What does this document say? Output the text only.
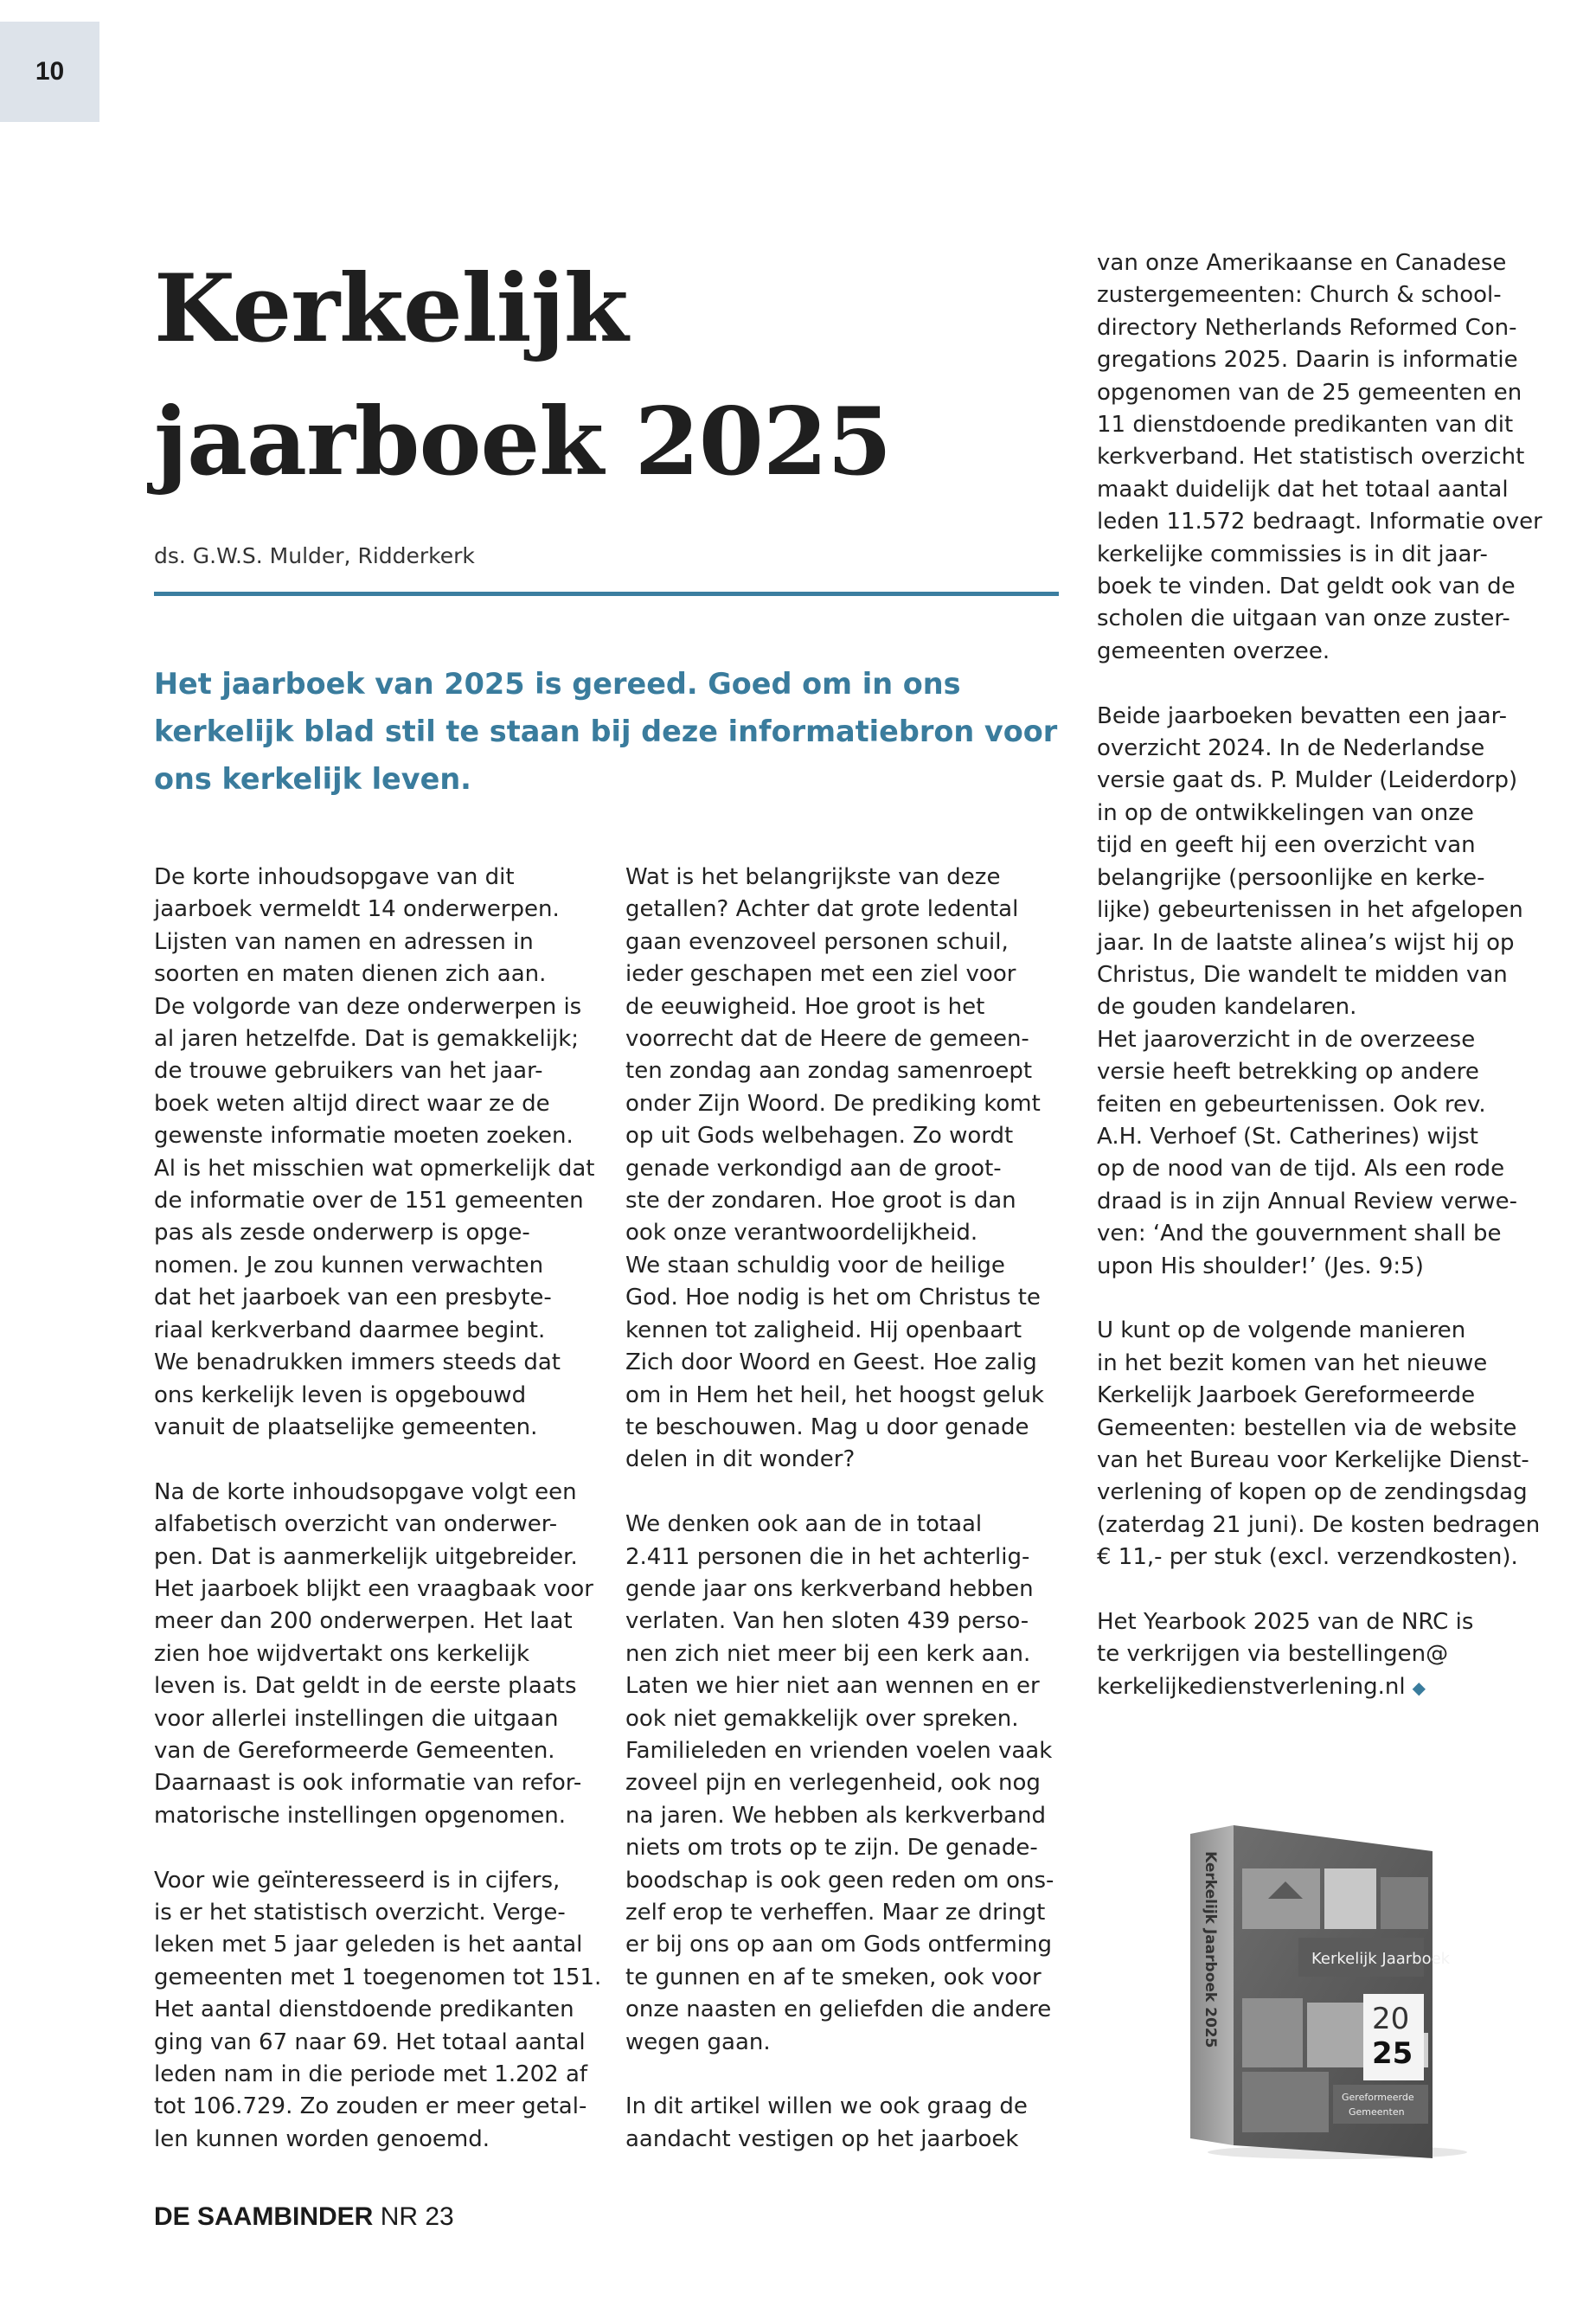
10
Kerkelijk
jaarboek 2025
ds. G.W.S. Mulder, Ridderkerk

Het jaarboek van 2025 is gereed. Goed om in ons kerkelijk blad stil te staan bij deze informatiebron voor ons kerkelijk leven.

De korte inhoudsopgave van dit
jaarboek vermeldt 14 onderwerpen.
Lijsten van namen en adressen in
soorten en maten dienen zich aan.
De volgorde van deze onderwerpen is
al jaren hetzelfde. Dat is gemakkelijk;
de trouwe gebruikers van het jaar-
boek weten altijd direct waar ze de
gewenste informatie moeten zoeken.
Al is het misschien wat opmerkelijk dat
de informatie over de 151 gemeenten
pas als zesde onderwerp is opge-
nomen. Je zou kunnen verwachten
dat het jaarboek van een presbyte-
riaal kerkverband daarmee begint.
We benadrukken immers steeds dat
ons kerkelijk leven is opgebouwd
vanuit de plaatselijke gemeenten.

Na de korte inhoudsopgave volgt een
alfabetisch overzicht van onderwer-
pen. Dat is aanmerkelijk uitgebreider.
Het jaarboek blijkt een vraagbaak voor
meer dan 200 onderwerpen. Het laat
zien hoe wijdvertakt ons kerkelijk
leven is. Dat geldt in de eerste plaats
voor allerlei instellingen die uitgaan
van de Gereformeerde Gemeenten.
Daarnaast is ook informatie van refor-
matorische instellingen opgenomen.

Voor wie geïnteresseerd is in cijfers,
is er het statistisch overzicht. Verge-
leken met 5 jaar geleden is het aantal
gemeenten met 1 toegenomen tot 151.
Het aantal dienstdoende predikanten
ging van 67 naar 69. Het totaal aantal
leden nam in die periode met 1.202 af
tot 106.729. Zo zouden er meer getal-
len kunnen worden genoemd.

Wat is het belangrijkste van deze
getallen? Achter dat grote ledental
gaan evenzoveel personen schuil,
ieder geschapen met een ziel voor
de eeuwigheid. Hoe groot is het
voorrecht dat de Heere de gemeen-
ten zondag aan zondag samenroept
onder Zijn Woord. De prediking komt
op uit Gods welbehagen. Zo wordt
genade verkondigd aan de groot-
ste der zondaren. Hoe groot is dan
ook onze verantwoordelijkheid.
We staan schuldig voor de heilige
God. Hoe nodig is het om Christus te
kennen tot zaligheid. Hij openbaart
Zich door Woord en Geest. Hoe zalig
om in Hem het heil, het hoogst geluk
te beschouwen. Mag u door genade
delen in dit wonder?

We denken ook aan de in totaal
2.411 personen die in het achterlig-
gende jaar ons kerkverband hebben
verlaten. Van hen sloten 439 perso-
nen zich niet meer bij een kerk aan.
Laten we hier niet aan wennen en er
ook niet gemakkelijk over spreken.
Familieleden en vrienden voelen vaak
zoveel pijn en verlegenheid, ook nog
na jaren. We hebben als kerkverband
niets om trots op te zijn. De genade-
boodschap is ook geen reden om ons-
zelf erop te verheffen. Maar ze dringt
er bij ons op aan om Gods ontferming
te gunnen en af te smeken, ook voor
onze naasten en geliefden die andere
wegen gaan.

In dit artikel willen we ook graag de
aandacht vestigen op het jaarboek

van onze Amerikaanse en Canadese
zustergemeenten: Church & school-
directory Netherlands Reformed Con-
gregations 2025. Daarin is informatie
opgenomen van de 25 gemeenten en
11 dienstdoende predikanten van dit
kerkverband. Het statistisch overzicht
maakt duidelijk dat het totaal aantal
leden 11.572 bedraagt. Informatie over
kerkelijke commissies is in dit jaar-
boek te vinden. Dat geldt ook van de
scholen die uitgaan van onze zuster-
gemeenten overzee.

Beide jaarboeken bevatten een jaar-
overzicht 2024. In de Nederlandse
versie gaat ds. P. Mulder (Leiderdorp)
in op de ontwikkelingen van onze
tijd en geeft hij een overzicht van
belangrijke (persoonlijke en kerke-
lijke) gebeurtenissen in het afgelopen
jaar. In de laatste alinea’s wijst hij op
Christus, Die wandelt te midden van
de gouden kandelaren.
Het jaaroverzicht in de overzeese
versie heeft betrekking op andere
feiten en gebeurtenissen. Ook rev.
A.H. Verhoef (St. Catherines) wijst
op de nood van de tijd. Als een rode
draad is in zijn Annual Review verwe-
ven: ‘And the gouvernment shall be
upon His shoulder!’ (Jes. 9:5)

U kunt op de volgende manieren
in het bezit komen van het nieuwe
Kerkelijk Jaarboek Gereformeerde
Gemeenten: bestellen via de website
van het Bureau voor Kerkelijke Dienst-
verlening of kopen op de zendingsdag
(zaterdag 21 juni). De kosten bedragen
€ 11,- per stuk (excl. verzendkosten).

Het Yearbook 2025 van de NRC is
te verkrijgen via bestellingen@
kerkelijkedienstverlening.nl ◆

Kerkelijk Jaarboek
20
25
Gereformeerde
Gemeenten
Kerkelijk Jaarboek 2025
DE SAAMBINDER NR 23
